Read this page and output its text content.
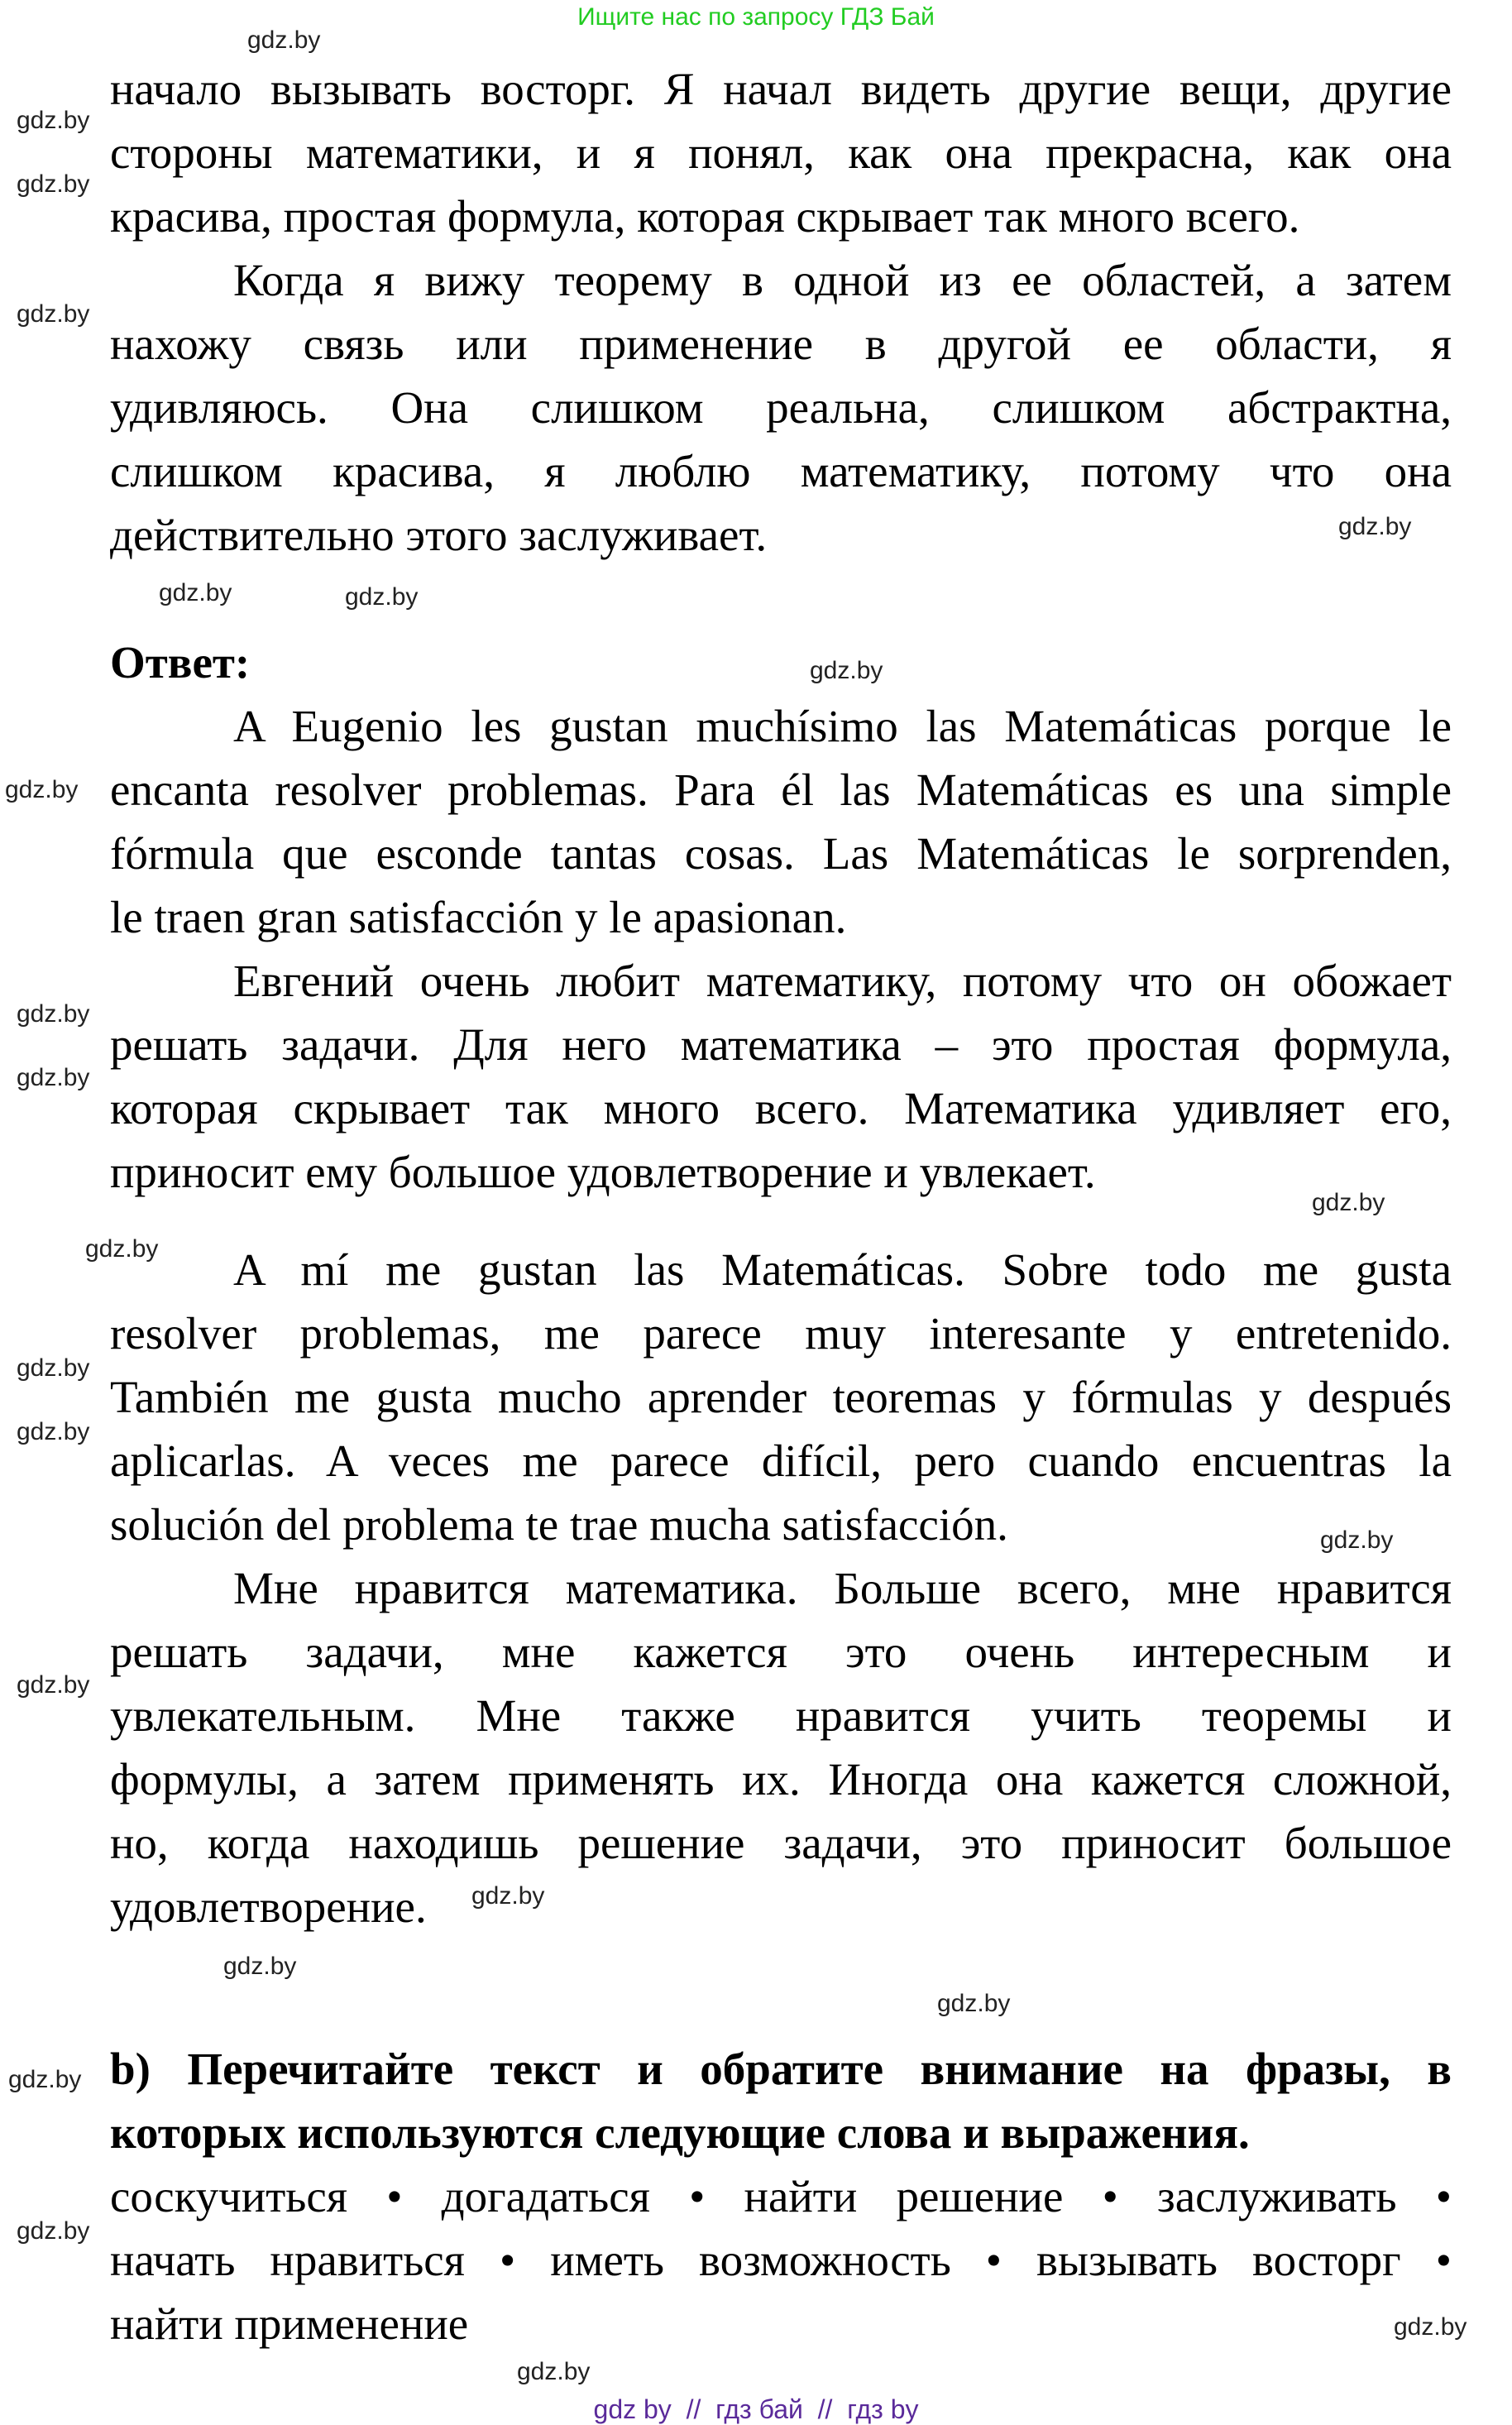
Ищите нас по запросу ГДЗ Бай
начало вызывать восторг. Я начал видеть другие вещи, другие
стороны математики, и я понял, как она прекрасна, как она
красива, простая формула, которая скрывает так много всего.
Когда я вижу теорему в одной из ее областей, а затем
нахожу связь или применение в другой ее области, я
удивляюсь. Она слишком реальна, слишком абстрактна,
слишком красива, я люблю математику, потому что она
действительно этого заслуживает.
Ответ:
A Eugenio les gustan muchísimo las Matemáticas porque le
encanta resolver problemas. Para él las Matemáticas es una simple
fórmula que esconde tantas cosas. Las Matemáticas le sorprenden,
le traen gran satisfacción y le apasionan.
Евгений очень любит математику, потому что он обожает
решать задачи. Для него математика – это простая формула,
которая скрывает так много всего. Математика удивляет его,
приносит ему большое удовлетворение и увлекает.
A mí me gustan las Matemáticas. Sobre todo me gusta
resolver problemas, me parece muy interesante y entretenido.
También me gusta mucho aprender teoremas y fórmulas y después
aplicarlas. A veces me parece difícil, pero cuando encuentras la
solución del problema te trae mucha satisfacción.
Мне нравится математика. Больше всего, мне нравится
решать задачи, мне кажется это очень интересным и
увлекательным. Мне также нравится учить теоремы и
формулы, а затем применять их. Иногда она кажется сложной,
но, когда находишь решение задачи, это приносит большое
удовлетворение.
b) Перечитайте текст и обратите внимание на фразы, в
которых используются следующие слова и выражения.
соскучиться • догадаться • найти решение • заслуживать •
начать нравиться • иметь возможность • вызывать восторг •
найти применение
gdz.by
gdz.by
gdz.by
gdz.by
gdz.by
gdz.by
gdz.by
gdz.by
gdz.by
gdz.by
gdz.by
gdz.by
gdz.by
gdz.by
gdz.by
gdz.by
gdz.by
gdz.by
gdz.by
gdz.by
gdz.by
gdz.by
gdz.by
gdz.by
gdz by  //  гдз бай  //  гдз by
